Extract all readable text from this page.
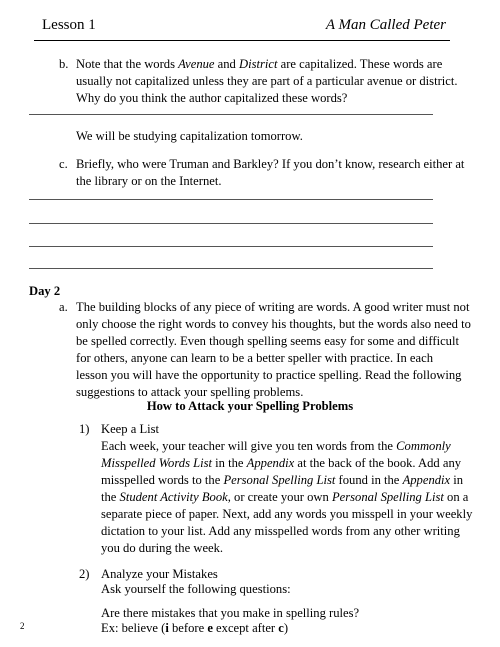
Lesson 1	A Man Called Peter
b. Note that the words Avenue and District are capitalized. These words are
usually not capitalized unless they are part of a particular avenue or district.
Why do you think the author capitalized these words?
We will be studying capitalization tomorrow.
c. Briefly, who were Truman and Barkley? If you don’t know, research either at
the library or on the Internet.
Day 2
a. The building blocks of any piece of writing are words. A good writer must not
only choose the right words to convey his thoughts, but the words also need to
be spelled correctly. Even though spelling seems easy for some and difficult
for others, anyone can learn to be a better speller with practice. In each
lesson you will have the opportunity to practice spelling. Read the following
suggestions to attack your spelling problems.
How to Attack your Spelling Problems
1) Keep a List
Each week, your teacher will give you ten words from the Commonly
Misspelled Words List in the Appendix at the back of the book. Add any
misspelled words to the Personal Spelling List found in the Appendix in
the Student Activity Book, or create your own Personal Spelling List on a
separate piece of paper. Next, add any words you misspell in your weekly
dictation to your list. Add any misspelled words from any other writing
you do during the week.
2) Analyze your Mistakes
Ask yourself the following questions:
Are there mistakes that you make in spelling rules?
Ex: believe (i before e except after c)
2
